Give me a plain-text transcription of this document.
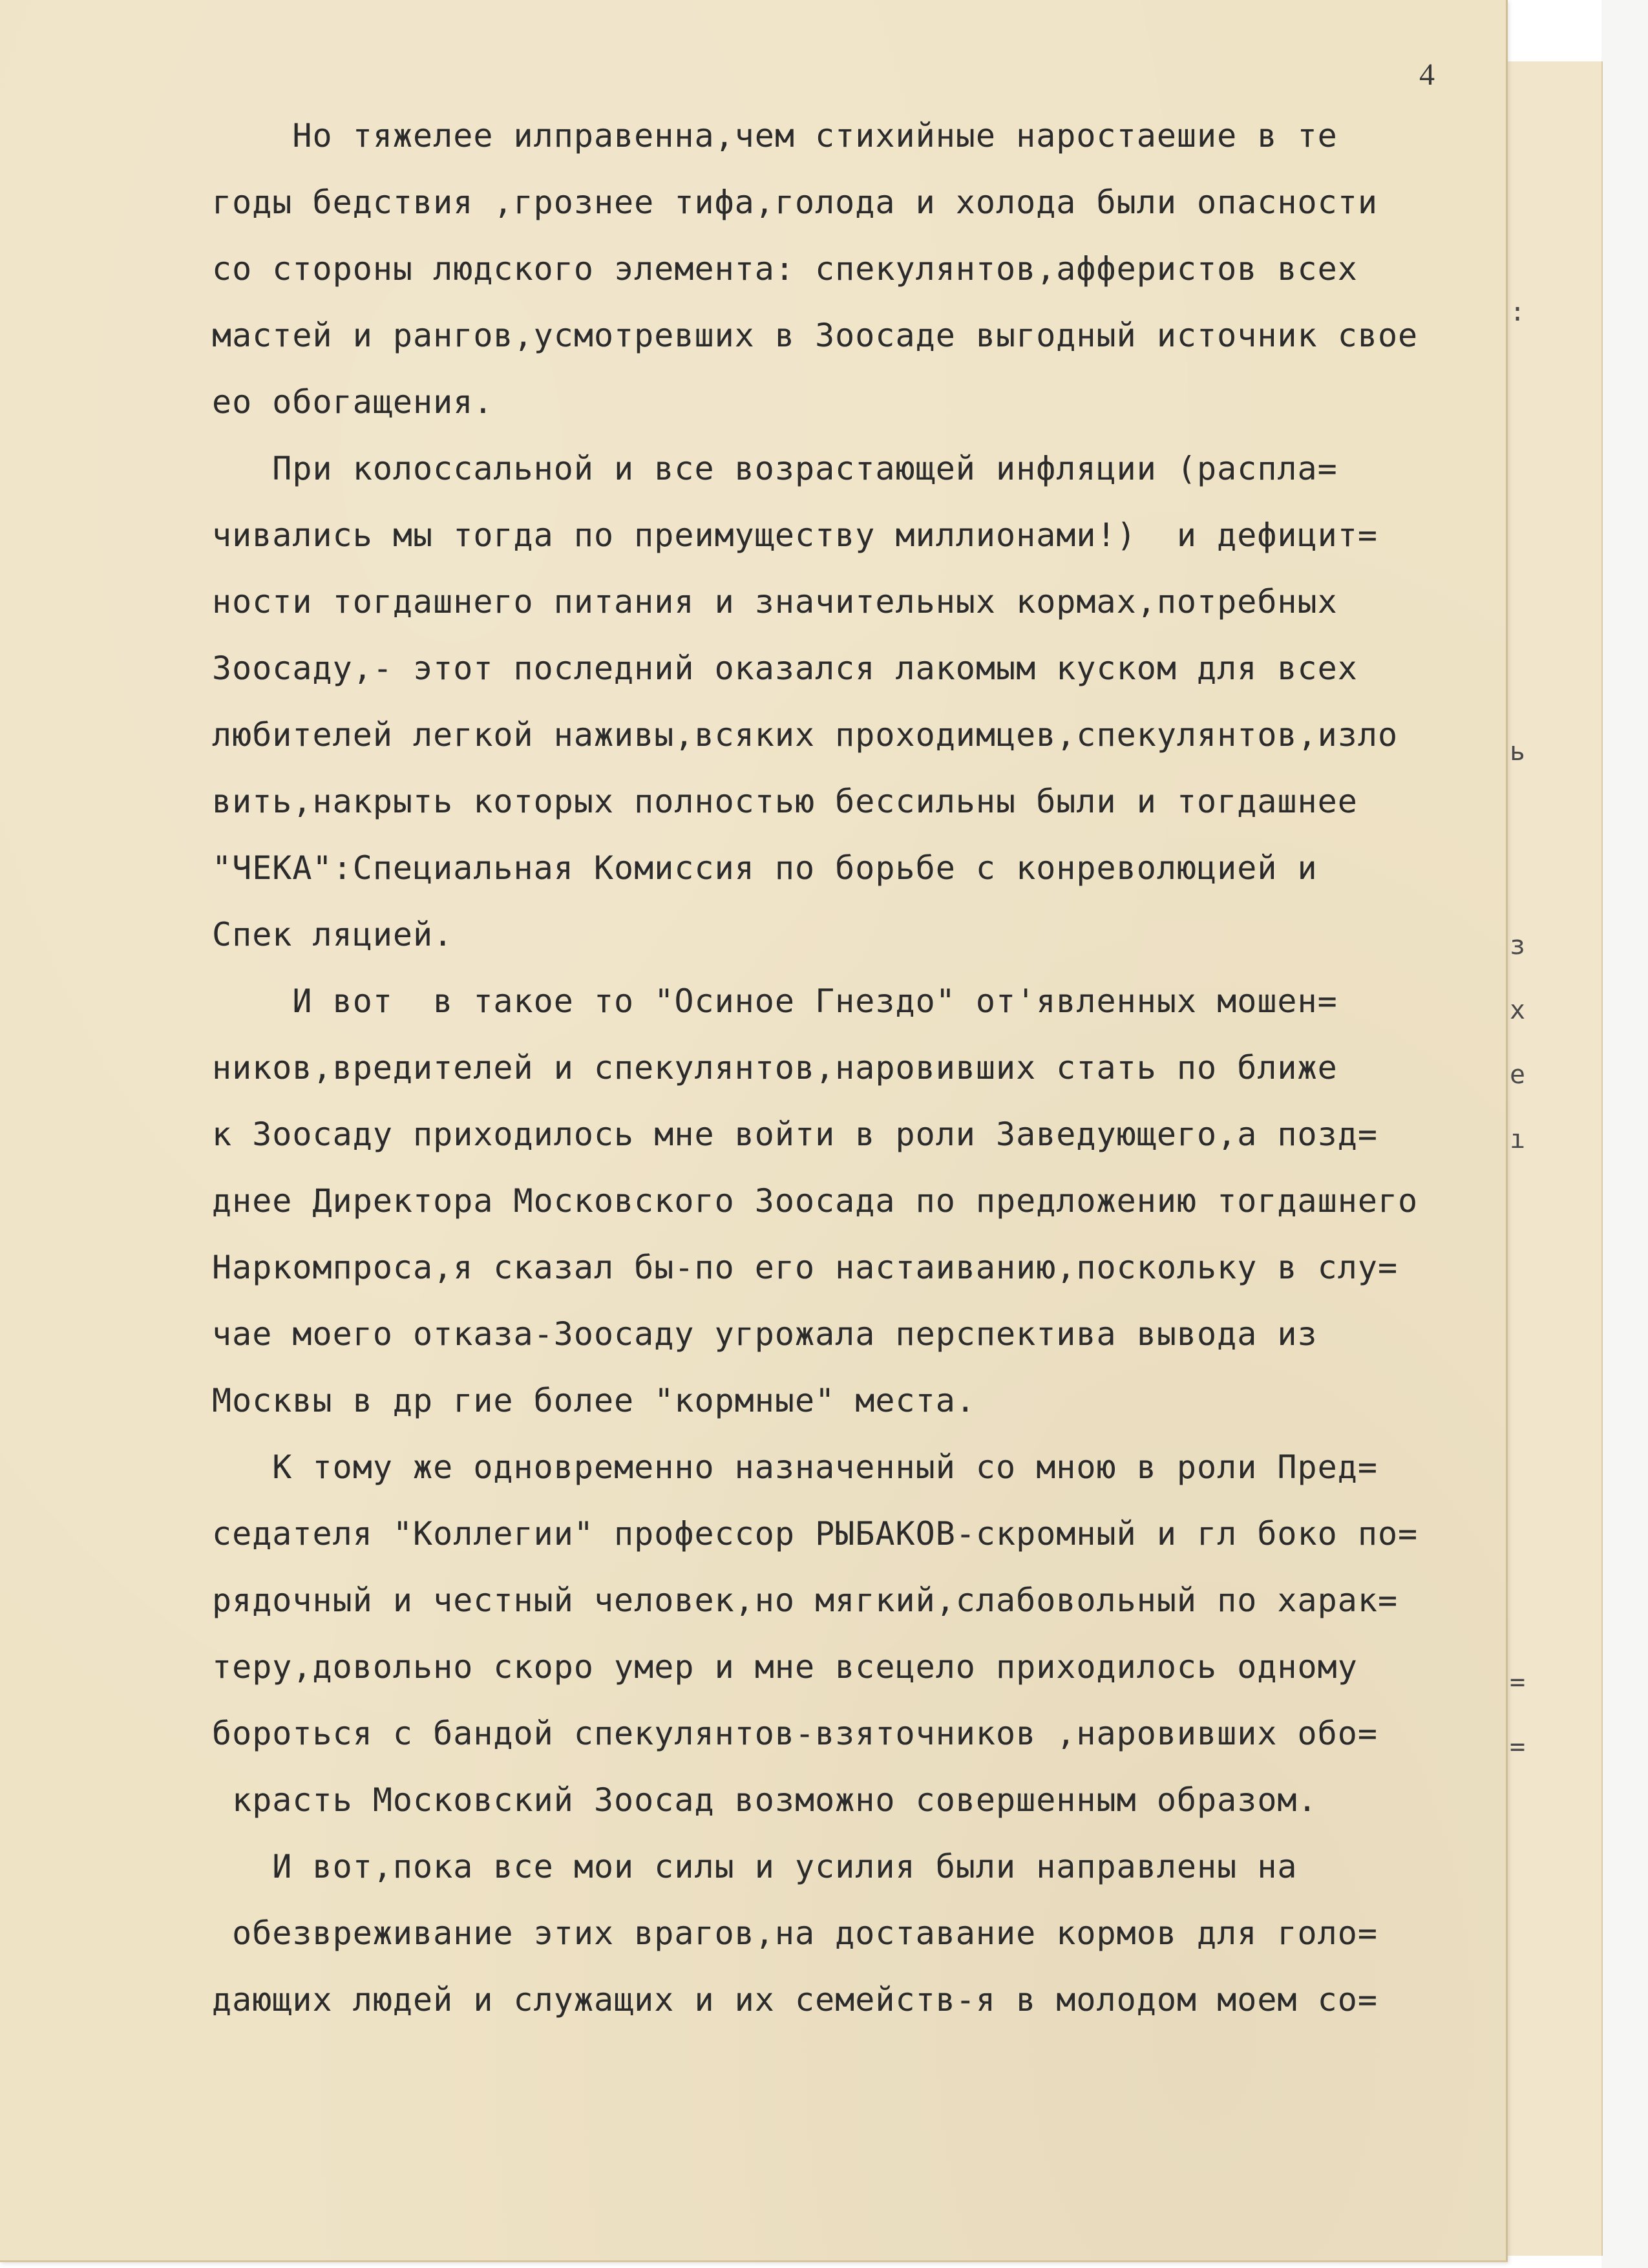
4

Но тяжелее илправенна,чем стихийные наростаешие в те

годы бедствия ,грознее тифа,голода и холода были опасности

со стороны людского элемента: спекулянтов,афферистов всех

мастей и рангов,усмотревших в Зоосаде выгодный источник свое

ео обогащения.

При колоссальной и все возрастающей инфляции (распла=

чивались мы тогда по преимуществу миллионами!)  и дефицит=

ности тогдашнего питания и значительных кормах,потребных

Зоосаду,- этот последний оказался лакомым куском для всех

любителей легкой наживы,всяких проходимцев,спекулянтов,изло

вить,накрыть которых полностью бессильны были и тогдашнее

"ЧЕКА":Специальная Комиссия по борьбе с конреволюцией и

Спек ляцией.

И вот  в такое то "Осиное Гнездо" от'явленных мошен=

ников,вредителей и спекулянтов,наровивших стать по ближе

к Зоосаду приходилось мне войти в роли Заведующего,а позд=

днее Директора Московского Зоосада по предложению тогдашнего

Наркомпроса,я сказал бы-по его настаиванию,поскольку в слу=

чае моего отказа-Зоосаду угрожала перспектива вывода из

Москвы в др гие более "кормные" места.

К тому же одновременно назначенный со мною в роли Пред=

седателя "Коллегии" профессор РЫБАКОВ-скромный и гл боко по=

рядочный и честный человек,но мягкий,слабовольный по харак=

теру,довольно скоро умер и мне всецело приходилось одному

бороться с бандой спекулянтов-взяточников ,наровивших обо=

красть Московский Зоосад возможно совершенным образом.

И вот,пока все мои силы и усилия были направлены на

обезвреживание этих врагов,на доставание кормов для голо=

дающих людей и служащих и их семейств-я в молодом моем со=

:
ь
з
х
е
ı
=
=
